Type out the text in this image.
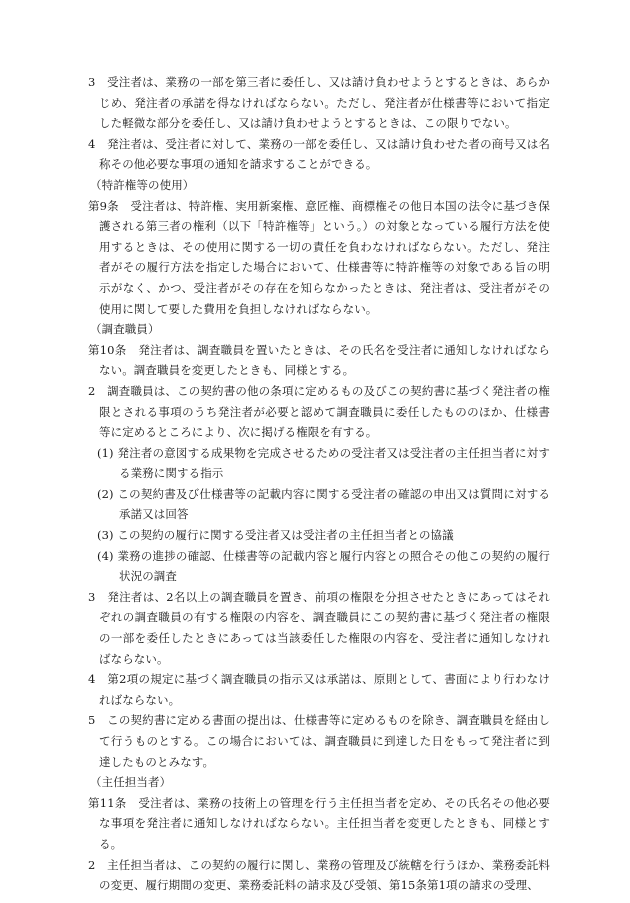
3　受注者は、業務の一部を第三者に委任し、又は請け負わせようとするときは、あらかじめ、発注者の承諾を得なければならない。ただし、発注者が仕様書等において指定した軽微な部分を委任し、又は請け負わせようとするときは、この限りでない。

4　発注者は、受注者に対して、業務の一部を委任し、又は請け負わせた者の商号又は名称その他必要な事項の通知を請求することができる。

（特許権等の使用）

第9条　受注者は、特許権、実用新案権、意匠権、商標権その他日本国の法令に基づき保護される第三者の権利（以下「特許権等」という。）の対象となっている履行方法を使用するときは、その使用に関する一切の責任を負わなければならない。ただし、発注者がその履行方法を指定した場合において、仕様書等に特許権等の対象である旨の明示がなく、かつ、受注者がその存在を知らなかったときは、発注者は、受注者がその使用に関して要した費用を負担しなければならない。

（調査職員）

第10条　発注者は、調査職員を置いたときは、その氏名を受注者に通知しなければならない。調査職員を変更したときも、同様とする。

2　調査職員は、この契約書の他の条項に定めるもの及びこの契約書に基づく発注者の権限とされる事項のうち発注者が必要と認めて調査職員に委任したもののほか、仕様書等に定めるところにより、次に掲げる権限を有する。

(1) 発注者の意図する成果物を完成させるための受注者又は受注者の主任担当者に対する業務に関する指示

(2) この契約書及び仕様書等の記載内容に関する受注者の確認の申出又は質問に対する承諾又は回答

(3) この契約の履行に関する受注者又は受注者の主任担当者との協議

(4) 業務の進捗の確認、仕様書等の記載内容と履行内容との照合その他この契約の履行状況の調査

3　発注者は、2名以上の調査職員を置き、前項の権限を分担させたときにあってはそれぞれの調査職員の有する権限の内容を、調査職員にこの契約書に基づく発注者の権限の一部を委任したときにあっては当該委任した権限の内容を、受注者に通知しなければならない。

4　第2項の規定に基づく調査職員の指示又は承諾は、原則として、書面により行わなければならない。

5　この契約書に定める書面の提出は、仕様書等に定めるものを除き、調査職員を経由して行うものとする。この場合においては、調査職員に到達した日をもって発注者に到達したものとみなす。

（主任担当者）

第11条　受注者は、業務の技術上の管理を行う主任担当者を定め、その氏名その他必要な事項を発注者に通知しなければならない。主任担当者を変更したときも、同様とする。

2　主任担当者は、この契約の履行に関し、業務の管理及び統轄を行うほか、業務委託料の変更、履行期間の変更、業務委託料の請求及び受領、第15条第1項の請求の受理、
